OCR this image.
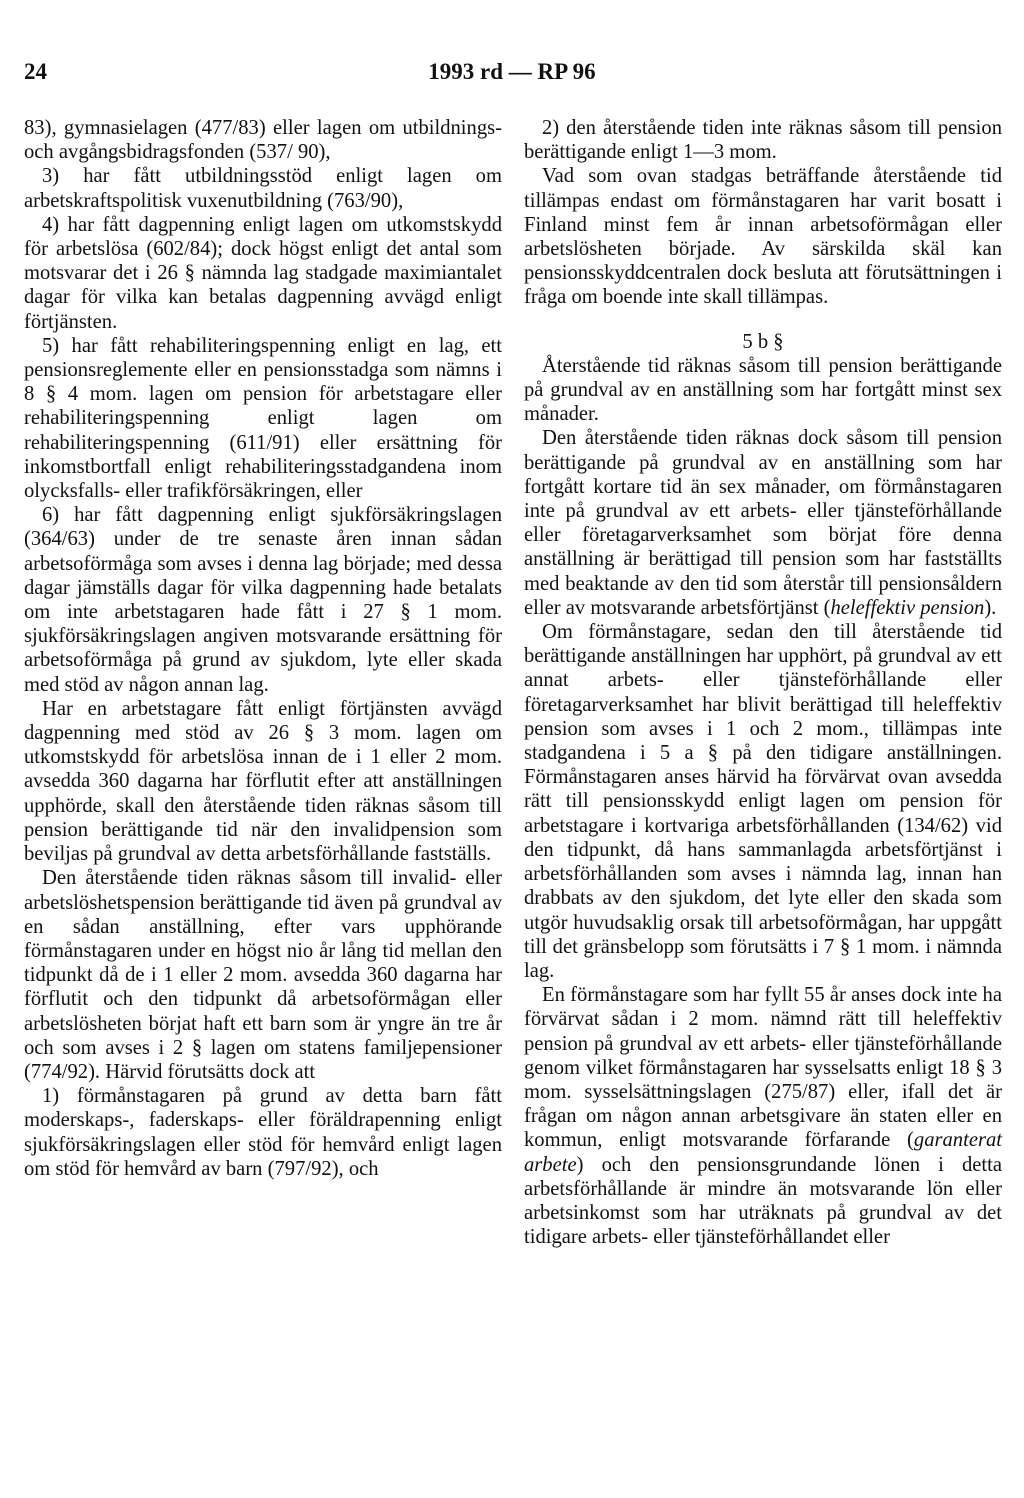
24	1993 rd — RP 96

83), gymnasielagen (477/83) eller lagen om utbildnings- och avgångsbidragsfonden (537/ 90),

3) har fått utbildningsstöd enligt lagen om arbetskraftspolitisk vuxenutbildning (763/90),

4) har fått dagpenning enligt lagen om utkomstskydd för arbetslösa (602/84); dock högst enligt det antal som motsvarar det i 26 § nämnda lag stadgade maximiantalet dagar för vilka kan betalas dagpenning avvägd enligt förtjänsten.

5) har fått rehabiliteringspenning enligt en lag, ett pensionsreglemente eller en pensionsstadga som nämns i 8 § 4 mom. lagen om pension för arbetstagare eller rehabiliteringspenning enligt lagen om rehabiliteringspenning (611/91) eller ersättning för inkomstbortfall enligt rehabiliteringsstadgandena inom olycksfalls- eller trafikförsäkringen, eller

6) har fått dagpenning enligt sjukförsäkringslagen (364/63) under de tre senaste åren innan sådan arbetsoförmåga som avses i denna lag började; med dessa dagar jämställs dagar för vilka dagpenning hade betalats om inte arbetstagaren hade fått i 27 § 1 mom. sjukförsäkringslagen angiven motsvarande ersättning för arbetsoförmåga på grund av sjukdom, lyte eller skada med stöd av någon annan lag.

Har en arbetstagare fått enligt förtjänsten avvägd dagpenning med stöd av 26 § 3 mom. lagen om utkomstskydd för arbetslösa innan de i 1 eller 2 mom. avsedda 360 dagarna har förflutit efter att anställningen upphörde, skall den återstående tiden räknas såsom till pension berättigande tid när den invalidpension som beviljas på grundval av detta arbetsförhållande fastställs.

Den återstående tiden räknas såsom till invalid- eller arbetslöshetspension berättigande tid även på grundval av en sådan anställning, efter vars upphörande förmånstagaren under en högst nio år lång tid mellan den tidpunkt då de i 1 eller 2 mom. avsedda 360 dagarna har förflutit och den tidpunkt då arbetsoförmågan eller arbetslösheten börjat haft ett barn som är yngre än tre år och som avses i 2 § lagen om statens familjepensioner (774/92). Härvid förutsätts dock att

1) förmånstagaren på grund av detta barn fått moderskaps-, faderskaps- eller föräldrapenning enligt sjukförsäkringslagen eller stöd för hemvård enligt lagen om stöd för hemvård av barn (797/92), och

2) den återstående tiden inte räknas såsom till pension berättigande enligt 1—3 mom.

Vad som ovan stadgas beträffande återstående tid tillämpas endast om förmånstagaren har varit bosatt i Finland minst fem år innan arbetsoförmågan eller arbetslösheten började. Av särskilda skäl kan pensionsskyddcentralen dock besluta att förutsättningen i fråga om boende inte skall tillämpas.

5 b §

Återstående tid räknas såsom till pension berättigande på grundval av en anställning som har fortgått minst sex månader.

Den återstående tiden räknas dock såsom till pension berättigande på grundval av en anställning som har fortgått kortare tid än sex månader, om förmånstagaren inte på grundval av ett arbets- eller tjänsteförhållande eller företagarverksamhet som börjat före denna anställning är berättigad till pension som har fastställts med beaktande av den tid som återstår till pensionsåldern eller av motsvarande arbetsförtjänst (heleffektiv pension).

Om förmånstagare, sedan den till återstående tid berättigande anställningen har upphört, på grundval av ett annat arbets- eller tjänsteförhållande eller företagarverksamhet har blivit berättigad till heleffektiv pension som avses i 1 och 2 mom., tillämpas inte stadgandena i 5 a § på den tidigare anställningen. Förmånstagaren anses härvid ha förvärvat ovan avsedda rätt till pensionsskydd enligt lagen om pension för arbetstagare i kortvariga arbetsförhållanden (134/62) vid den tidpunkt, då hans sammanlagda arbetsförtjänst i arbetsförhållanden som avses i nämnda lag, innan han drabbats av den sjukdom, det lyte eller den skada som utgör huvudsaklig orsak till arbetsoförmågan, har uppgått till det gränsbelopp som förutsätts i 7 § 1 mom. i nämnda lag.

En förmånstagare som har fyllt 55 år anses dock inte ha förvärvat sådan i 2 mom. nämnd rätt till heleffektiv pension på grundval av ett arbets- eller tjänsteförhållande genom vilket förmånstagaren har sysselsatts enligt 18 § 3 mom. sysselsättningslagen (275/87) eller, ifall det är frågan om någon annan arbetsgivare än staten eller en kommun, enligt motsvarande förfarande (garanterat arbete) och den pensionsgrundande lönen i detta arbetsförhållande är mindre än motsvarande lön eller arbetsinkomst som har uträknats på grundval av det tidigare arbets- eller tjänsteförhållandet eller
